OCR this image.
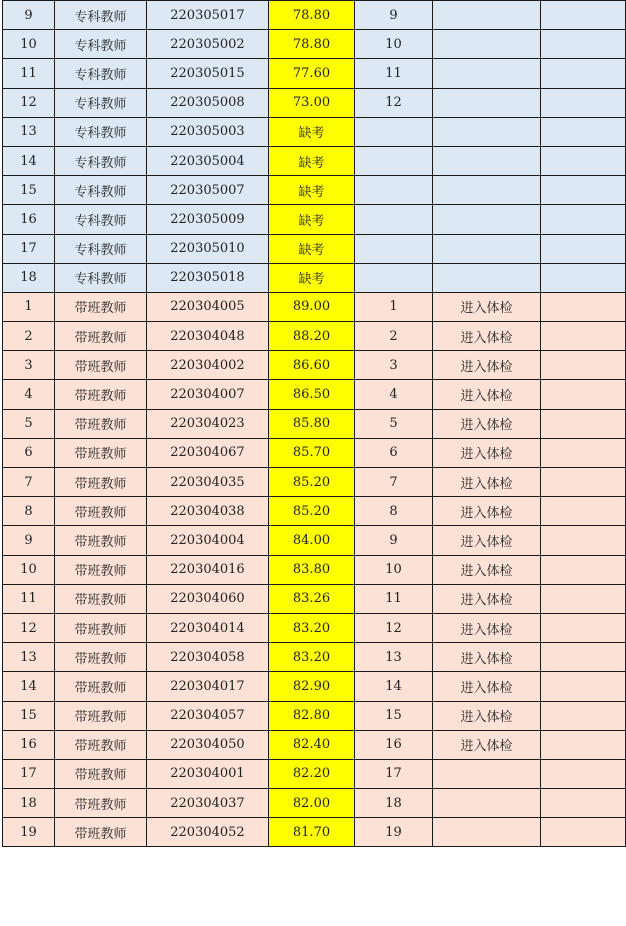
9	专科教师	220305017	78.80	9		
10	专科教师	220305002	78.80	10		
11	专科教师	220305015	77.60	11		
12	专科教师	220305008	73.00	12		
13	专科教师	220305003	缺考			
14	专科教师	220305004	缺考			
15	专科教师	220305007	缺考			
16	专科教师	220305009	缺考			
17	专科教师	220305010	缺考			
18	专科教师	220305018	缺考			
1	带班教师	220304005	89.00	1	进入体检	
2	带班教师	220304048	88.20	2	进入体检	
3	带班教师	220304002	86.60	3	进入体检	
4	带班教师	220304007	86.50	4	进入体检	
5	带班教师	220304023	85.80	5	进入体检	
6	带班教师	220304067	85.70	6	进入体检	
7	带班教师	220304035	85.20	7	进入体检	
8	带班教师	220304038	85.20	8	进入体检	
9	带班教师	220304004	84.00	9	进入体检	
10	带班教师	220304016	83.80	10	进入体检	
11	带班教师	220304060	83.26	11	进入体检	
12	带班教师	220304014	83.20	12	进入体检	
13	带班教师	220304058	83.20	13	进入体检	
14	带班教师	220304017	82.90	14	进入体检	
15	带班教师	220304057	82.80	15	进入体检	
16	带班教师	220304050	82.40	16	进入体检	
17	带班教师	220304001	82.20	17		
18	带班教师	220304037	82.00	18		
19	带班教师	220304052	81.70	19		
